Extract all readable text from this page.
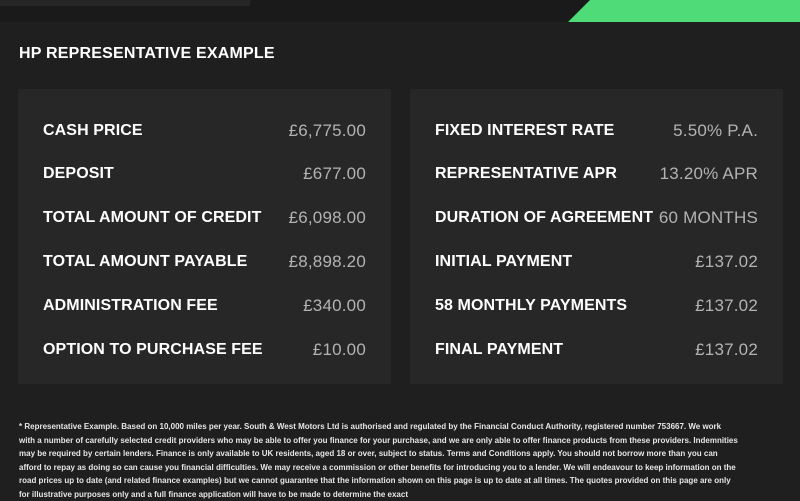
HP REPRESENTATIVE EXAMPLE
CASH PRICE	£6,775.00
DEPOSIT	£677.00
TOTAL AMOUNT OF CREDIT £6,098.00
TOTAL AMOUNT PAYABLE £8,898.20
ADMINISTRATION FEE	£340.00
OPTION TO PURCHASE FEE	£10.00
FIXED INTEREST RATE	5.50% P.A.
REPRESENTATIVE APR	13.20% APR
DURATION OF AGREEMENT 60 MONTHS
INITIAL PAYMENT	£137.02
58 MONTHLY PAYMENTS	£137.02
FINAL PAYMENT	£137.02
* Representative Example. Based on 10,000 miles per year. South & West Motors Ltd is authorised and regulated by the Financial Conduct Authority, registered number 753667. We work with a number of carefully selected credit providers who may be able to offer you finance for your purchase, and we are only able to offer finance products from these providers. Indemnities may be required by certain lenders. Finance is only available to UK residents, aged 18 or over, subject to status. Terms and Conditions apply. You should not borrow more than you can afford to repay as doing so can cause you financial difficulties. We may receive a commission or other benefits for introducing you to a lender. We will endeavour to keep information on the road prices up to date (and related finance examples) but we cannot guarantee that the information shown on this page is up to date at all times. The quotes provided on this page are only for illustrative purposes only and a full finance application will have to be made to determine the exact
